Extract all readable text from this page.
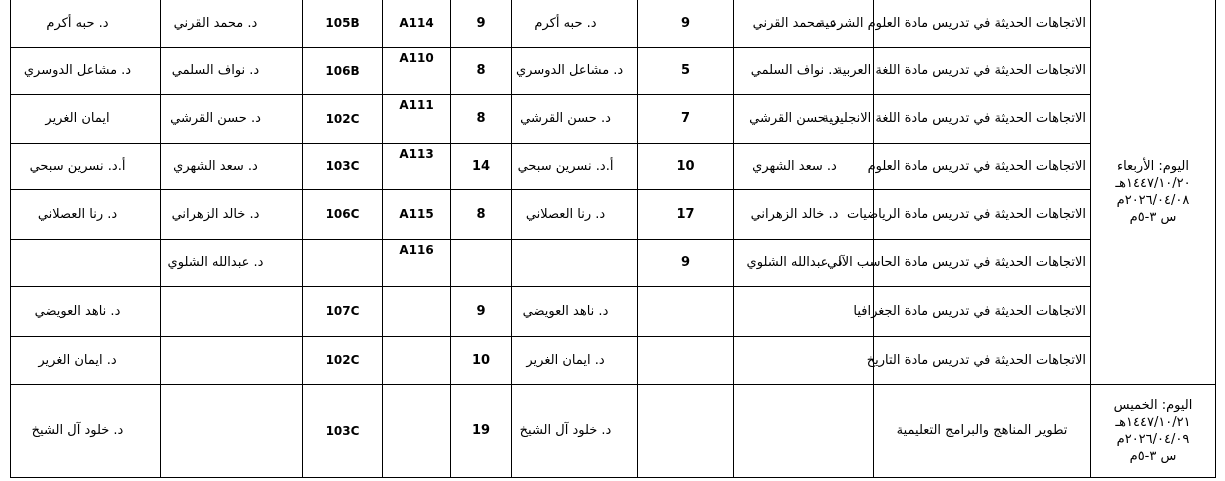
د. حبه أكرم	د. محمد القرني	105B	A114	9	د. حبه أكرم	9	د. محمد القرني	الاتجاهات الحديثة في تدريس مادة العلوم الشرعية	اليوم: الأربعاء
١٤٤٧/١٠/٢٠هـ
٢٠٢٦/٠٤/٠٨م
س ٣-٥م

د. مشاعل الدوسري	د. نواف السلمي	106B	A110	8	د. مشاعل الدوسري	5	د. نواف السلمي	الاتجاهات الحديثة في تدريس مادة اللغة العربية	
ايمان الغرير	د. حسن القرشي	102C	A111	8	د. حسن القرشي	7	د. حسن القرشي	الاتجاهات الحديثة في تدريس مادة اللغة الانجليزية	
أ.د. نسرين سبحي	د. سعد الشهري	103C	A113	14	أ.د. نسرين سبحي	10	د. سعد الشهري	الاتجاهات الحديثة في تدريس مادة العلوم	
د. رنا العصلاني	د. خالد الزهراني	106C	A115	8	د. رنا العصلاني	17	د. خالد الزهراني	الاتجاهات الحديثة في تدريس مادة الرياضيات	
	د. عبدالله الشلوي		A116			9	د. عبدالله الشلوي	الاتجاهات الحديثة في تدريس مادة الحاسب الآلي	
د. ناهد العويضي		107C		9	د. ناهد العويضي			الاتجاهات الحديثة في تدريس مادة الجغرافيا	
د. ايمان الغرير		102C		10	د. ايمان الغرير			الاتجاهات الحديثة في تدريس مادة التاريخ	
د. خلود آل الشيخ		103C		19	د. خلود آل الشيخ			تطوير المناهج والبرامج التعليمية	اليوم: الخميس
١٤٤٧/١٠/٢١هـ
٢٠٢٦/٠٤/٠٩م
س ٣-٥م
